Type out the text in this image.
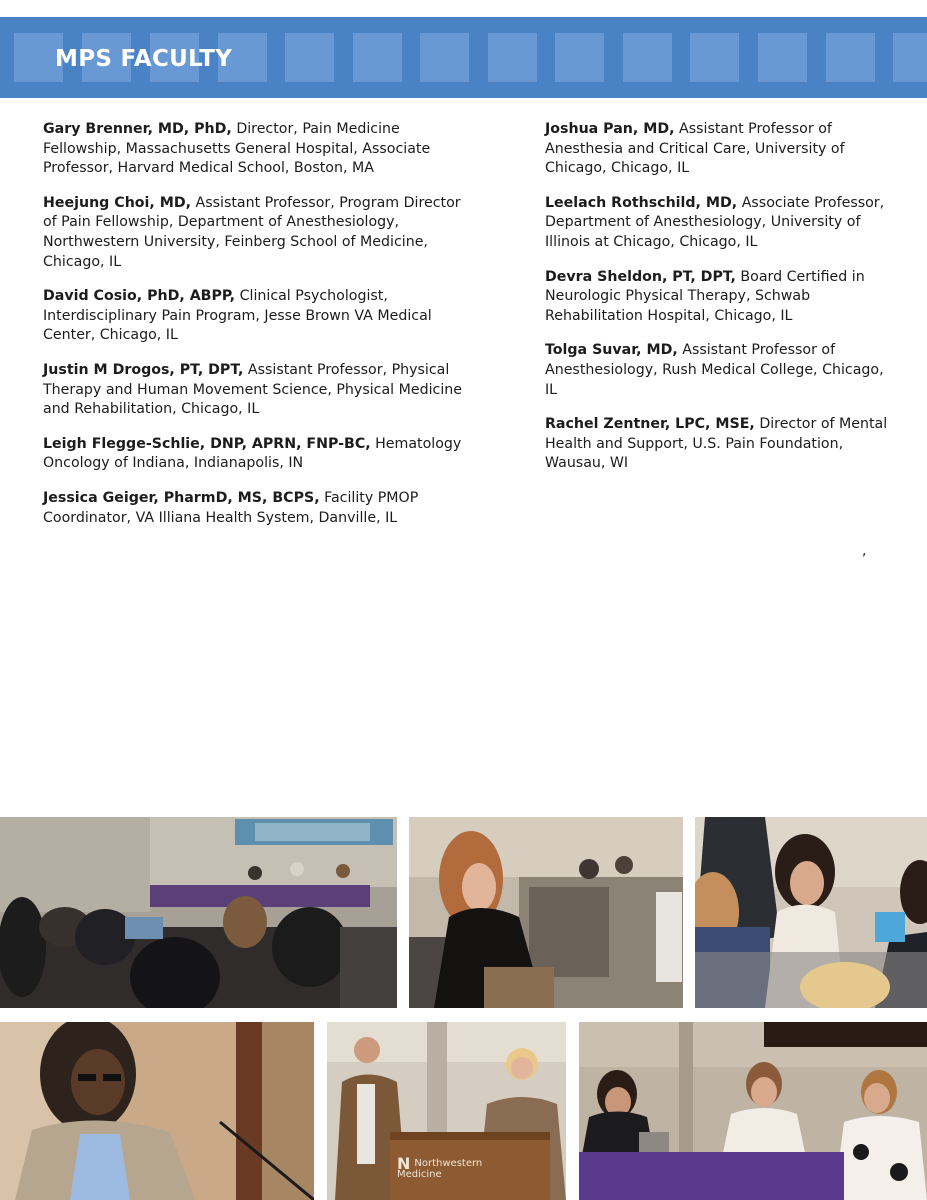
MPS FACULTY

Gary Brenner, MD, PhD, Director, Pain Medicine Fellowship, Massachusetts General Hospital, Associate Professor, Harvard Medical School, Boston, MA

Heejung Choi, MD, Assistant Professor, Program Director of Pain Fellowship, Department of Anesthesiology, Northwestern University, Feinberg School of Medicine, Chicago, IL

David Cosio, PhD, ABPP, Clinical Psychologist, Interdisciplinary Pain Program, Jesse Brown VA Medical Center, Chicago, IL

Justin M Drogos, PT, DPT, Assistant Professor, Physical Therapy and Human Movement Science, Physical Medicine and Rehabilitation, Chicago, IL

Leigh Flegge-Schlie, DNP, APRN, FNP-BC, Hematology Oncology of Indiana, Indianapolis, IN

Jessica Geiger, PharmD, MS, BCPS, Facility PMOP Coordinator, VA Illiana Health System, Danville, IL

Joshua Pan, MD, Assistant Professor of Anesthesia and Critical Care, University of Chicago, Chicago, IL

Leelach Rothschild, MD, Associate Professor, Department of Anesthesiology, University of Illinois at Chicago, Chicago, IL

Devra Sheldon, PT, DPT, Board Certified in Neurologic Physical Therapy, Schwab Rehabilitation Hospital, Chicago, IL

Tolga Suvar, MD, Assistant Professor of Anesthesiology, Rush Medical College, Chicago, IL

Rachel Zentner, LPC, MSE, Director of Mental Health and Support, U.S. Pain Foundation, Wausau, WI

,
N Northwestern
Medicine
